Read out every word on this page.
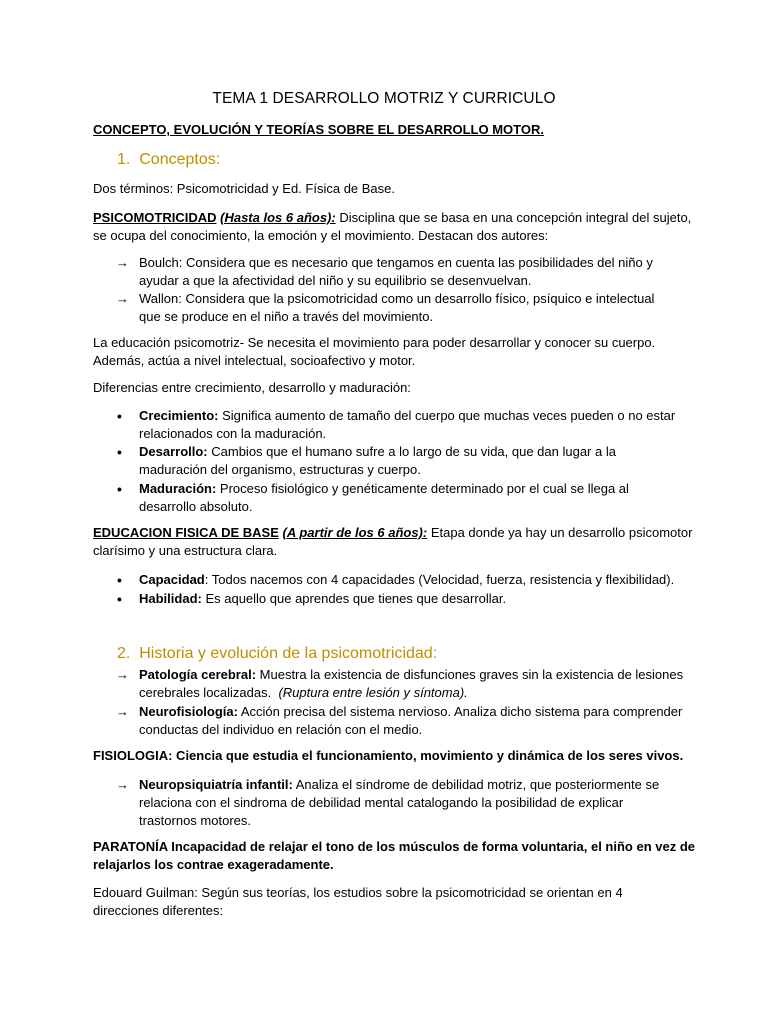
TEMA 1 DESARROLLO MOTRIZ Y CURRICULO
CONCEPTO, EVOLUCIÓN Y TEORÍAS SOBRE EL DESARROLLO MOTOR.
1. Conceptos:
Dos términos: Psicomotricidad y Ed. Física de Base.
PSICOMOTRICIDAD (Hasta los 6 años): Disciplina que se basa en una concepción integral del sujeto,
se ocupa del conocimiento, la emoción y el movimiento. Destacan dos autores:
→ Boulch: Considera que es necesario que tengamos en cuenta las posibilidades del niño y
ayudar a que la afectividad del niño y su equilibrio se desenvuelvan.
→ Wallon: Considera que la psicomotricidad como un desarrollo físico, psíquico e intelectual
que se produce en el niño a través del movimiento.
La educación psicomotriz- Se necesita el movimiento para poder desarrollar y conocer su cuerpo.
Además, actúa a nivel intelectual, socioafectivo y motor.
Diferencias entre crecimiento, desarrollo y maduración:
• Crecimiento: Significa aumento de tamaño del cuerpo que muchas veces pueden o no estar
relacionados con la maduración.
• Desarrollo: Cambios que el humano sufre a lo largo de su vida, que dan lugar a la
maduración del organismo, estructuras y cuerpo.
• Maduración: Proceso fisiológico y genéticamente determinado por el cual se llega al
desarrollo absoluto.
EDUCACION FISICA DE BASE (A partir de los 6 años): Etapa donde ya hay un desarrollo psicomotor
clarísimo y una estructura clara.
• Capacidad: Todos nacemos con 4 capacidades (Velocidad, fuerza, resistencia y flexibilidad).
• Habilidad: Es aquello que aprendes que tienes que desarrollar.
2. Historia y evolución de la psicomotricidad:
→ Patología cerebral: Muestra la existencia de disfunciones graves sin la existencia de lesiones
cerebrales localizadas. (Ruptura entre lesión y síntoma).
→ Neurofisiología: Acción precisa del sistema nervioso. Analiza dicho sistema para comprender
conductas del individuo en relación con el medio.
FISIOLOGIA: Ciencia que estudia el funcionamiento, movimiento y dinámica de los seres vivos.
→ Neuropsiquiatría infantil: Analiza el síndrome de debilidad motriz, que posteriormente se
relaciona con el sindroma de debilidad mental catalogando la posibilidad de explicar
trastornos motores.
PARATONÍA Incapacidad de relajar el tono de los músculos de forma voluntaria, el niño en vez de
relajarlos los contrae exageradamente.
Edouard Guilman: Según sus teorías, los estudios sobre la psicomotricidad se orientan en 4
direcciones diferentes:
